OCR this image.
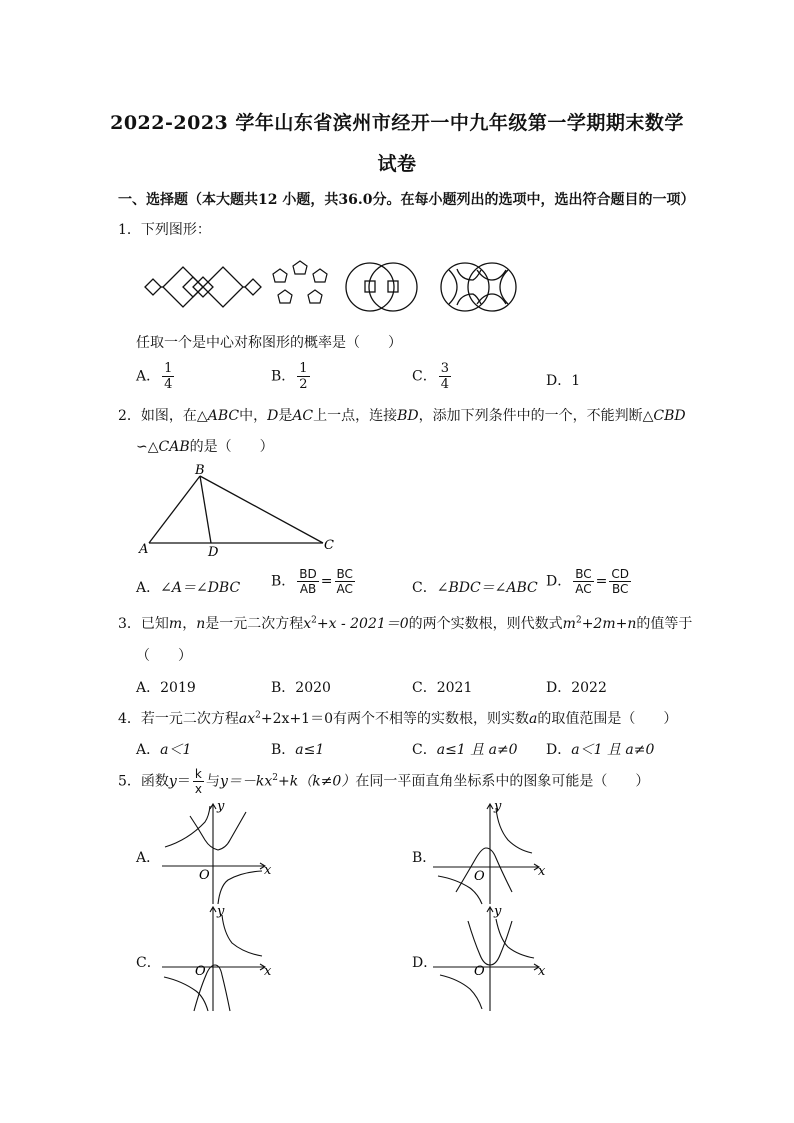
2022-2023 学年山东省滨州市经开一中九年级第一学期期末数学
试卷
一、选择题（本大题共12 小题，共36.0分。在每小题列出的选项中，选出符合题目的一项）
1．下列图形：
任取一个是中心对称图形的概率是（　　）
A． $\frac{1}{4}$	B． $\frac{1}{2}$	C． $\frac{3}{4}$	D．1
2．如图，在△ABC中，D是AC上一点，连接BD，添加下列条件中的一个，不能判断△CBD
∽△CAB的是（　　）
B
A	D	C
A．∠A＝∠DBC B． $\frac{BD}{AB} = \frac{BC}{AC}$	C．∠BDC＝∠ABC D． $\frac{BC}{AC} = \frac{CD}{BC}$
3．已知m，n是一元二次方程$x^2+x - 2021=0$的两个实数根，则代数式$m^2+2m+n$的值等于
（　　）
A．2019	B．2020	C．2021	D．2022
4．若一元二次方程$ax^2+2x+1=0$有两个不相等的实数根，则实数a的取值范围是（　　）
A．a＜1	B．a≤1	C．a≤1 且 a≠0 D．a＜1 且 a≠0
5．函数$y= \frac{k}{x}$ 与$y=-kx^2+k(k\ne 0)$在同一平面直角坐标系中的图象可能是（　　）
A．
y
x
O
B．
y
x
O
C．
y
x
O
D．
y
x
O
